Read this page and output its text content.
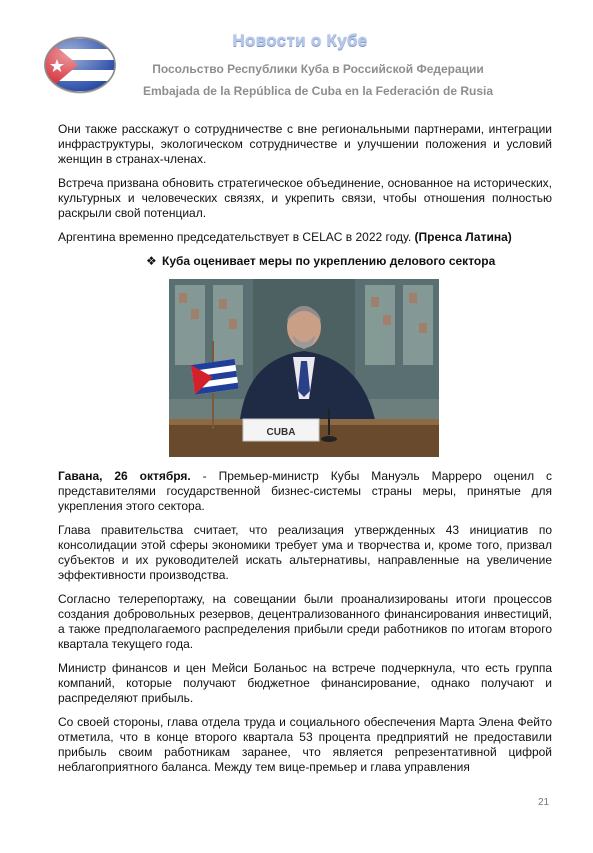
Новости о Кубе
Посольство Республики Куба в Российской Федерации
Embajada de la República de Cuba en la Federación de Rusia

Они также расскажут о сотрудничестве с вне региональными партнерами, интеграции инфраструктуры, экологическом сотрудничестве и улучшении положения и условий женщин в странах-членах.

Встреча призвана обновить стратегическое объединение, основанное на исторических, культурных и человеческих связях, и укрепить связи, чтобы отношения полностью раскрыли свой потенциал.

Аргентина временно председательствует в CELAC в 2022 году. (Пренса Латина)

❖ Куба оценивает меры по укреплению делового сектора
CUBA

Гавана, 26 октября. - Премьер-министр Кубы Мануэль Марреро оценил с представителями государственной бизнес-системы страны меры, принятые для укрепления этого сектора.

Глава правительства считает, что реализация утвержденных 43 инициатив по консолидации этой сферы экономики требует ума и творчества и, кроме того, призвал субъектов и их руководителей искать альтернативы, направленные на увеличение эффективности производства.

Согласно телерепортажу, на совещании были проанализированы итоги процессов создания добровольных резервов, децентрализованного финансирования инвестиций, а также предполагаемого распределения прибыли среди работников по итогам второго квартала текущего года.

Министр финансов и цен Мейси Боланьос на встрече подчеркнула, что есть группа компаний, которые получают бюджетное финансирование, однако получают и распределяют прибыль.

Со своей стороны, глава отдела труда и социального обеспечения Марта Элена Фейто отметила, что в конце второго квартала 53 процента предприятий не предоставили прибыль своим работникам заранее, что является репрезентативной цифрой неблагоприятного баланса. Между тем вице-премьер и глава управления

21
